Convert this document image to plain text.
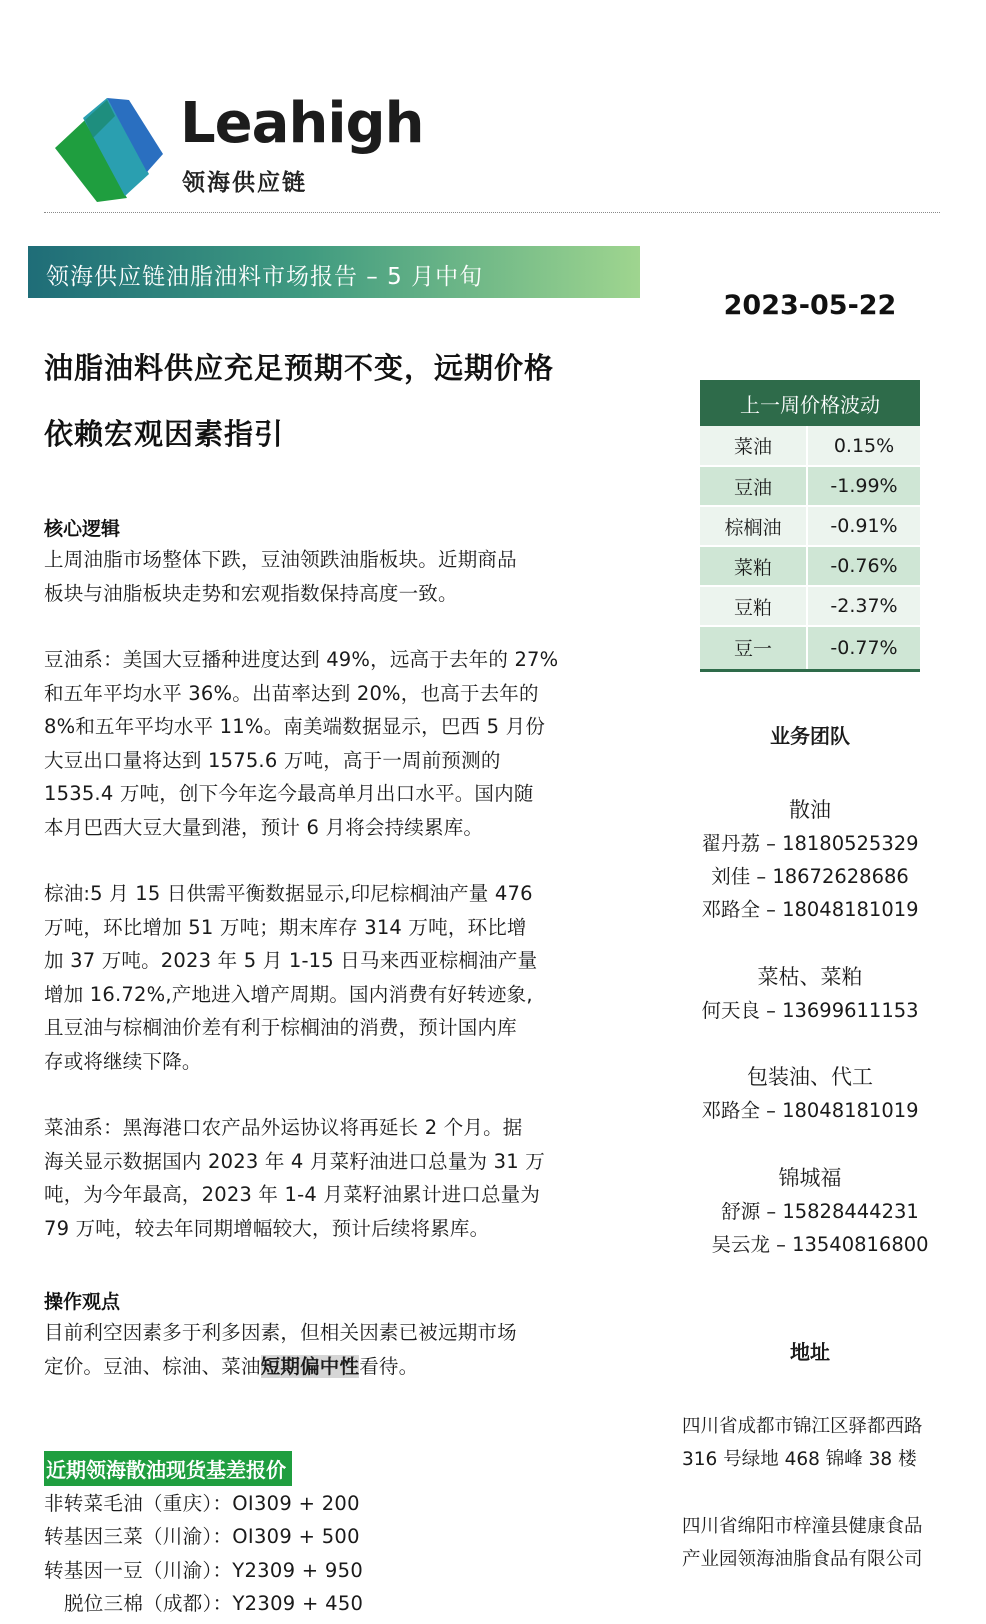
Leahigh
领海供应链
领海供应链油脂油料市场报告 – 5 月中旬
2023-05-22
油脂油料供应充足预期不变，远期价格
依赖宏观因素指引
核心逻辑
上周油脂市场整体下跌，豆油领跌油脂板块。近期商品
板块与油脂板块走势和宏观指数保持高度一致。
豆油系：美国大豆播种进度达到 49%，远高于去年的 27%
和五年平均水平 36%。出苗率达到 20%，也高于去年的
8%和五年平均水平 11%。南美端数据显示，巴西 5 月份
大豆出口量将达到 1575.6 万吨，高于一周前预测的
1535.4 万吨，创下今年迄今最高单月出口水平。国内随
本月巴西大豆大量到港，预计 6 月将会持续累库。
棕油:5 月 15 日供需平衡数据显示,印尼棕榈油产量 476
万吨，环比增加 51 万吨；期末库存 314 万吨，环比增
加 37 万吨。2023 年 5 月 1-15 日马来西亚棕榈油产量
增加 16.72%,产地进入增产周期。国内消费有好转迹象,
且豆油与棕榈油价差有利于棕榈油的消费，预计国内库
存或将继续下降。
菜油系：黑海港口农产品外运协议将再延长 2 个月。据
海关显示数据国内 2023 年 4 月菜籽油进口总量为 31 万
吨，为今年最高，2023 年 1-4 月菜籽油累计进口总量为
79 万吨，较去年同期增幅较大，预计后续将累库。
操作观点
目前利空因素多于利多因素，但相关因素已被远期市场
定价。豆油、棕油、菜油短期偏中性看待。
近期领海散油现货基差报价
非转菜毛油（重庆）：OI309 + 200
转基因三菜（川渝）：OI309 + 500
转基因一豆（川渝）：Y2309 + 950
脱位三棉（成都）：Y2309 + 450
上一周价格波动	
菜油	0.15%
豆油	-1.99%
棕榈油	-0.91%
菜粕	-0.76%
豆粕	-2.37%
豆一	-0.77%
业务团队
散油
翟丹荔 – 18180525329
刘佳 – 18672628686
邓路全 – 18048181019
菜枯、菜粕
何天良 – 13699611153
包装油、代工
邓路全 – 18048181019
锦城福
舒源 – 15828444231
吴云龙 – 13540816800
地址
四川省成都市锦江区驿都西路
316 号绿地 468 锦峰 38 楼
四川省绵阳市梓潼县健康食品
产业园领海油脂食品有限公司
